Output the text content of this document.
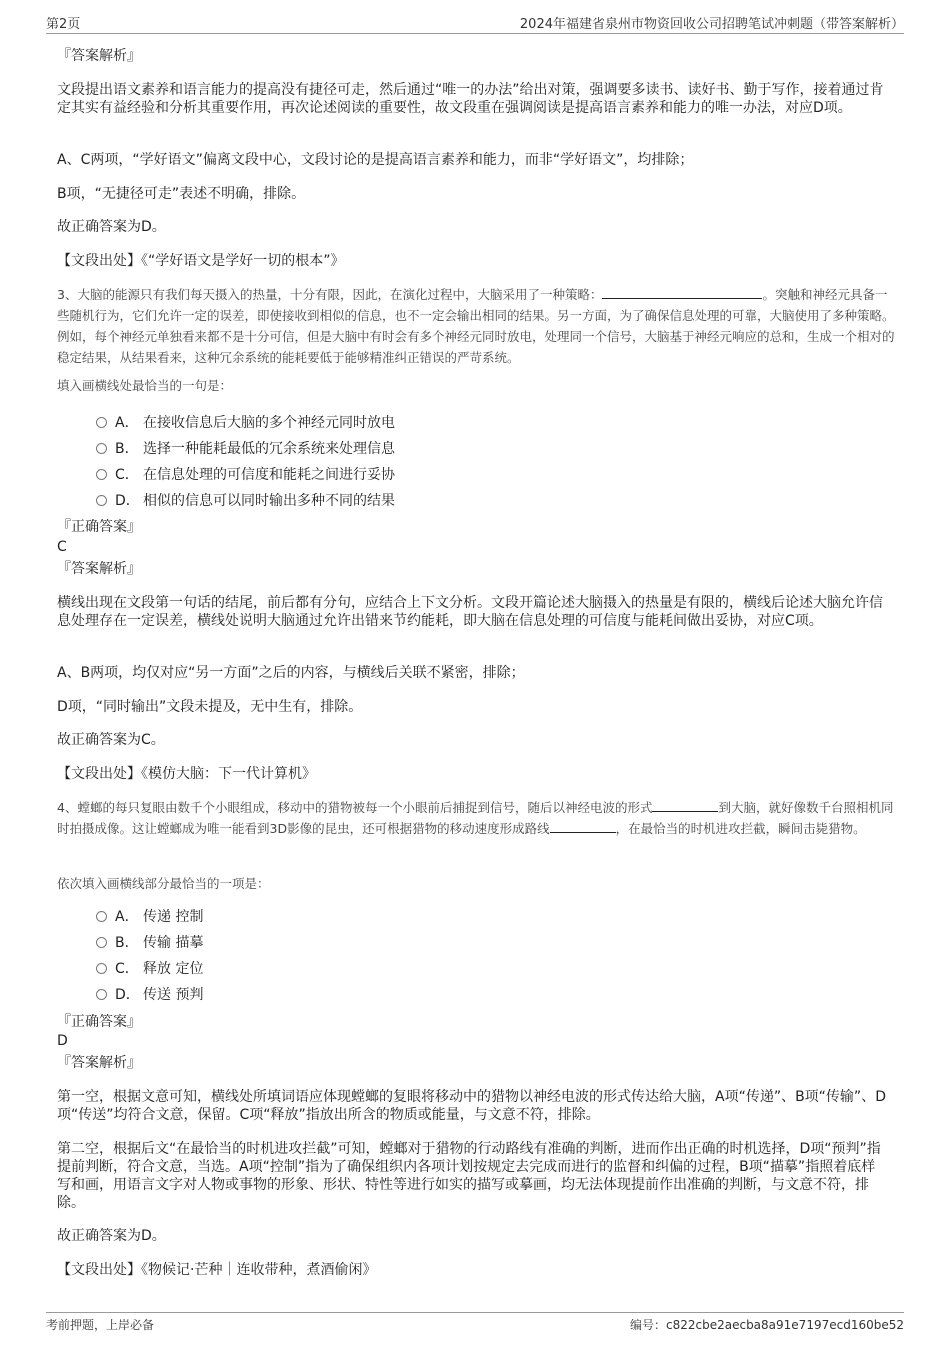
第2页	2024年福建省泉州市物资回收公司招聘笔试冲刺题（带答案解析）
『答案解析』
文段提出语文素养和语言能力的提高没有捷径可走，然后通过“唯一的办法”给出对策，强调要多读书、读好书、勤于写作，接着通过肯定其实有益经验和分析其重要作用，再次论述阅读的重要性，故文段重在强调阅读是提高语言素养和能力的唯一办法，对应D项。
A、C两项，“学好语文”偏离文段中心，文段讨论的是提高语言素养和能力，而非“学好语文”，均排除；
B项，“无捷径可走”表述不明确，排除。
故正确答案为D。
【文段出处】《“学好语文是学好一切的根本”》
3、大脑的能源只有我们每天摄入的热量，十分有限，因此，在演化过程中，大脑采用了一种策略：	。突触和神经元具备一些随机行为，它们允许一定的误差，即使接收到相似的信息，也不一定会输出相同的结果。另一方面，为了确保信息处理的可靠，大脑使用了多种策略。例如，每个神经元单独看来都不是十分可信，但是大脑中有时会有多个神经元同时放电，处理同一个信号，大脑基于神经元响应的总和，生成一个相对的稳定结果，从结果看来，这种冗余系统的能耗要低于能够精准纠正错误的严苛系统。
填入画横线处最恰当的一句是：
A． 在接收信息后大脑的多个神经元同时放电
B． 选择一种能耗最低的冗余系统来处理信息
C． 在信息处理的可信度和能耗之间进行妥协
D． 相似的信息可以同时输出多种不同的结果
『正确答案』
C
『答案解析』
横线出现在文段第一句话的结尾，前后都有分句，应结合上下文分析。文段开篇论述大脑摄入的热量是有限的，横线后论述大脑允许信息处理存在一定误差，横线处说明大脑通过允许出错来节约能耗，即大脑在信息处理的可信度与能耗间做出妥协，对应C项。
A、B两项，均仅对应“另一方面”之后的内容，与横线后关联不紧密，排除；
D项，“同时输出”文段未提及，无中生有，排除。
故正确答案为C。
【文段出处】《模仿大脑：下一代计算机》
4、螳螂的每只复眼由数千个小眼组成，移动中的猎物被每一个小眼前后捕捉到信号，随后以神经电波的形式	到大脑，就好像数千台照相机同时拍摄成像。这让螳螂成为唯一能看到3D影像的昆虫，还可根据猎物的移动速度形成路线	，在最恰当的时机进攻拦截，瞬间击毙猎物。
依次填入画横线部分最恰当的一项是：
A． 传递 控制
B． 传输 描摹
C． 释放 定位
D． 传送 预判
『正确答案』
D
『答案解析』
第一空，根据文意可知，横线处所填词语应体现螳螂的复眼将移动中的猎物以神经电波的形式传达给大脑，A项“传递”、B项“传输”、D项“传送”均符合文意，保留。C项“释放”指放出所含的物质或能量，与文意不符，排除。
第二空，根据后文“在最恰当的时机进攻拦截”可知，螳螂对于猎物的行动路线有准确的判断，进而作出正确的时机选择，D项“预判”指提前判断，符合文意，当选。A项“控制”指为了确保组织内各项计划按规定去完成而进行的监督和纠偏的过程，B项“描摹”指照着底样写和画，用语言文字对人物或事物的形象、形状、特性等进行如实的描写或摹画，均无法体现提前作出准确的判断，与文意不符，排除。
故正确答案为D。
【文段出处】《物候记·芒种｜连收带种，煮酒偷闲》
考前押题，上岸必备	编号：c822cbe2aecba8a91e7197ecd160be52
